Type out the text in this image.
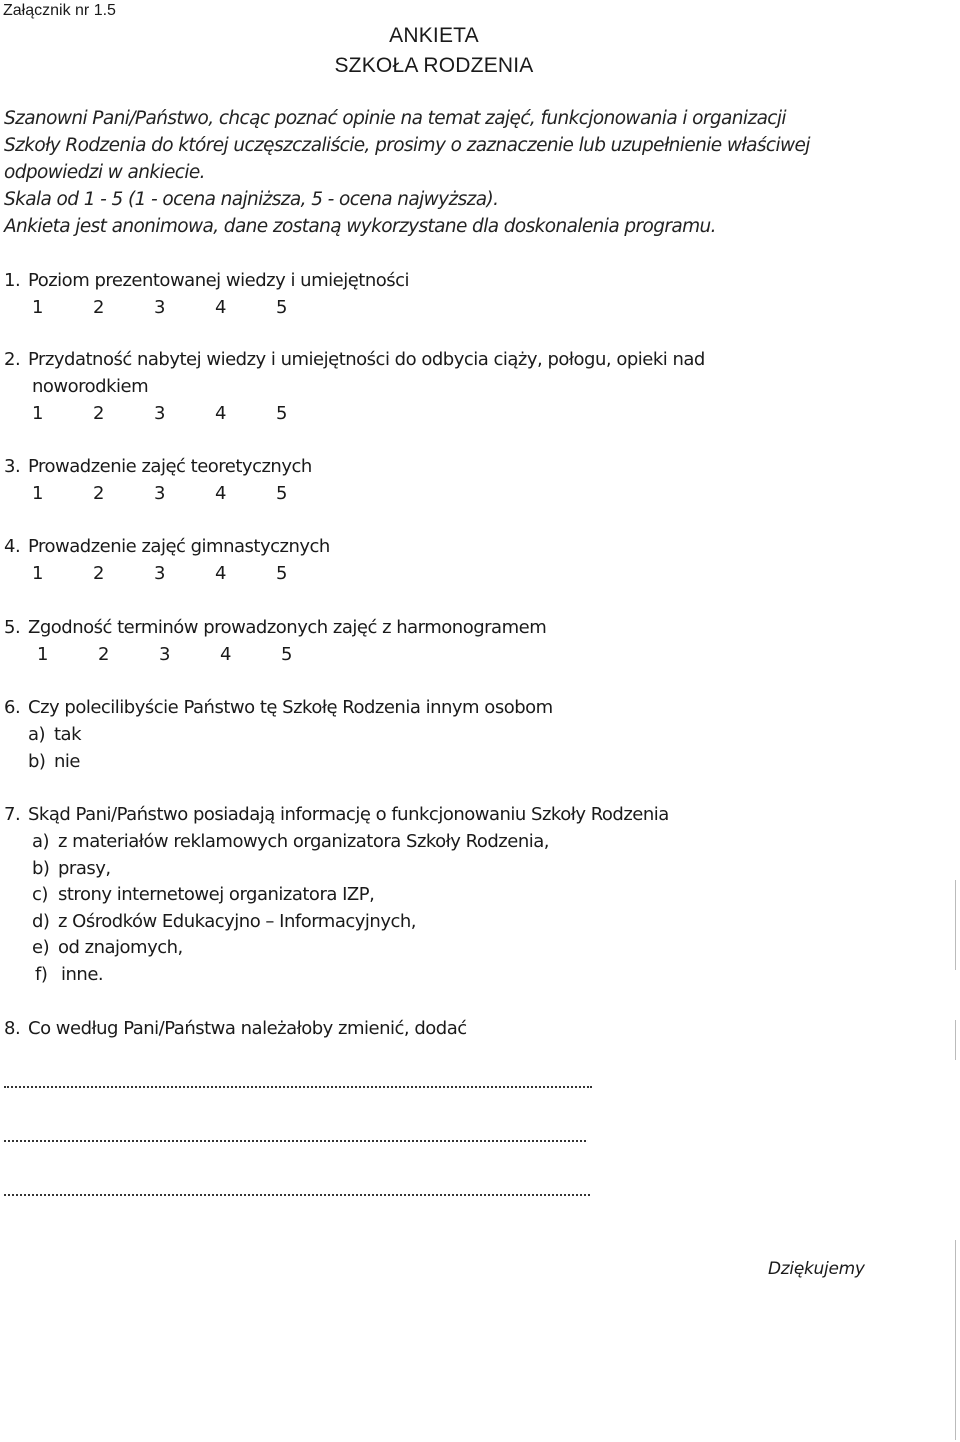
Załącznik nr 1.5
ANKIETA
SZKOŁA RODZENIA
Szanowni Pani/Państwo, chcąc poznać opinie na temat zajęć, funkcjonowania i organizacji
Szkoły Rodzenia do której uczęszczaliście, prosimy o zaznaczenie lub uzupełnienie właściwej
odpowiedzi w ankiecie.
Skala od 1 - 5 (1 - ocena najniższa, 5 - ocena najwyższa).
Ankieta jest anonimowa, dane zostaną wykorzystane dla doskonalenia programu.
1. Poziom prezentowanej wiedzy i umiejętności
1	2	3	4	5
2. Przydatność nabytej wiedzy i umiejętności do odbycia ciąży, połogu, opieki nad
noworodkiem
1	2	3	4	5
3. Prowadzenie zajęć teoretycznych
1	2	3	4	5
4. Prowadzenie zajęć gimnastycznych
1	2	3	4	5
5. Zgodność terminów prowadzonych zajęć z harmonogramem
1	2	3	4	5
6. Czy polecilibyście Państwo tę Szkołę Rodzenia innym osobom
a) tak
b) nie
7. Skąd Pani/Państwo posiadają informację o funkcjonowaniu Szkoły Rodzenia
a) z materiałów reklamowych organizatora Szkoły Rodzenia,
b) prasy,
c) strony internetowej organizatora IZP,
d) z Ośrodków Edukacyjno – Informacyjnych,
e) od znajomych,
f) inne.
8. Co według Pani/Państwa należałoby zmienić, dodać
Dziękujemy
